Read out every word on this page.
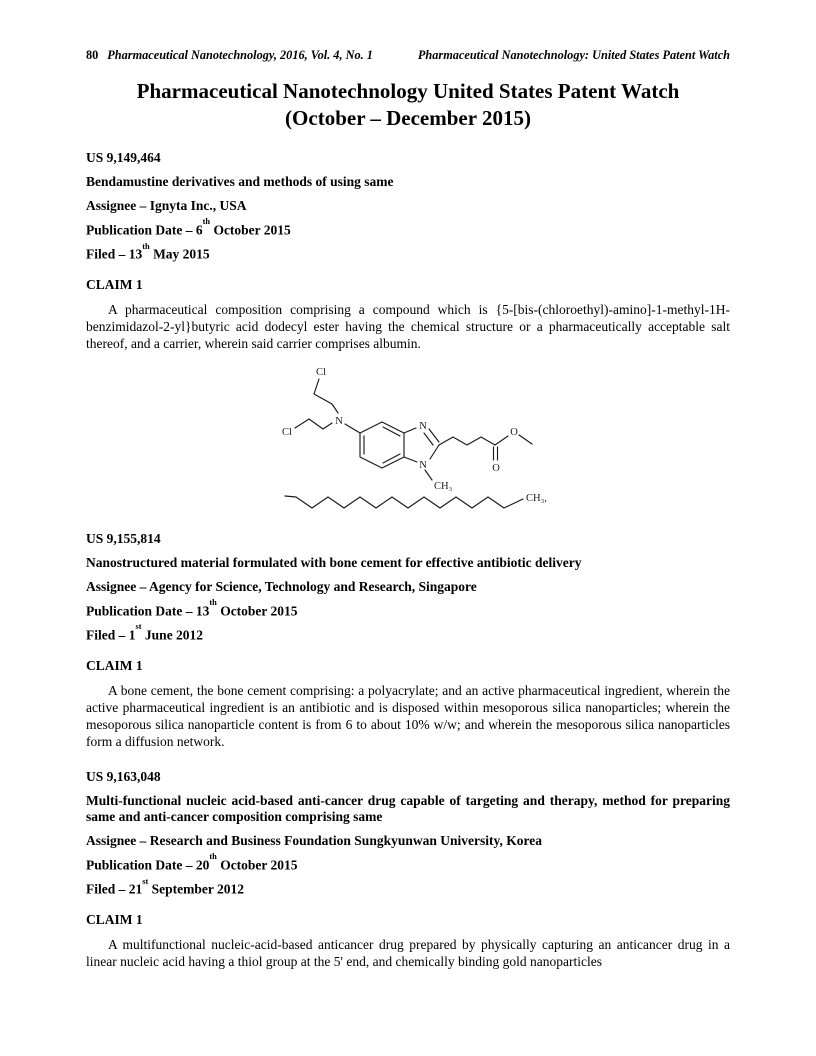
80 Pharmaceutical Nanotechnology, 2016, Vol. 4, No. 1	Pharmaceutical Nanotechnology: United States Patent Watch
Pharmaceutical Nanotechnology United States Patent Watch
(October – December 2015)

US 9,149,464

Bendamustine derivatives and methods of using same

Assignee – Ignyta Inc., USA

Publication Date – 6th October 2015

Filed – 13th May 2015

CLAIM 1

A pharmaceutical composition comprising a compound which is {5-[bis-(chloroethyl)-amino]-1-methyl-1H-benzimidazol-2-yl}butyric acid dodecyl ester having the chemical structure or a pharmaceutically acceptable salt thereof, and a carrier, wherein said carrier comprises albumin.

Cl
Cl
N	N
N
CH₃
O
O
CH₃,

US 9,155,814

Nanostructured material formulated with bone cement for effective antibiotic delivery

Assignee – Agency for Science, Technology and Research, Singapore

Publication Date – 13th October 2015

Filed – 1st June 2012

CLAIM 1

A bone cement, the bone cement comprising: a polyacrylate; and an active pharmaceutical ingredient, wherein the active pharmaceutical ingredient is an antibiotic and is disposed within mesoporous silica nanoparticles; wherein the mesoporous silica nanoparticle content is from 6 to about 10% w/w; and wherein the mesoporous silica nanoparticles form a diffusion network.

US 9,163,048

Multi-functional nucleic acid-based anti-cancer drug capable of targeting and therapy, method for preparing same and anti-cancer composition comprising same

Assignee – Research and Business Foundation Sungkyunwan University, Korea

Publication Date – 20th October 2015

Filed – 21st September 2012

CLAIM 1

A multifunctional nucleic-acid-based anticancer drug prepared by physically capturing an anticancer drug in a linear nucleic acid having a thiol group at the 5' end, and chemically binding gold nanoparticles
